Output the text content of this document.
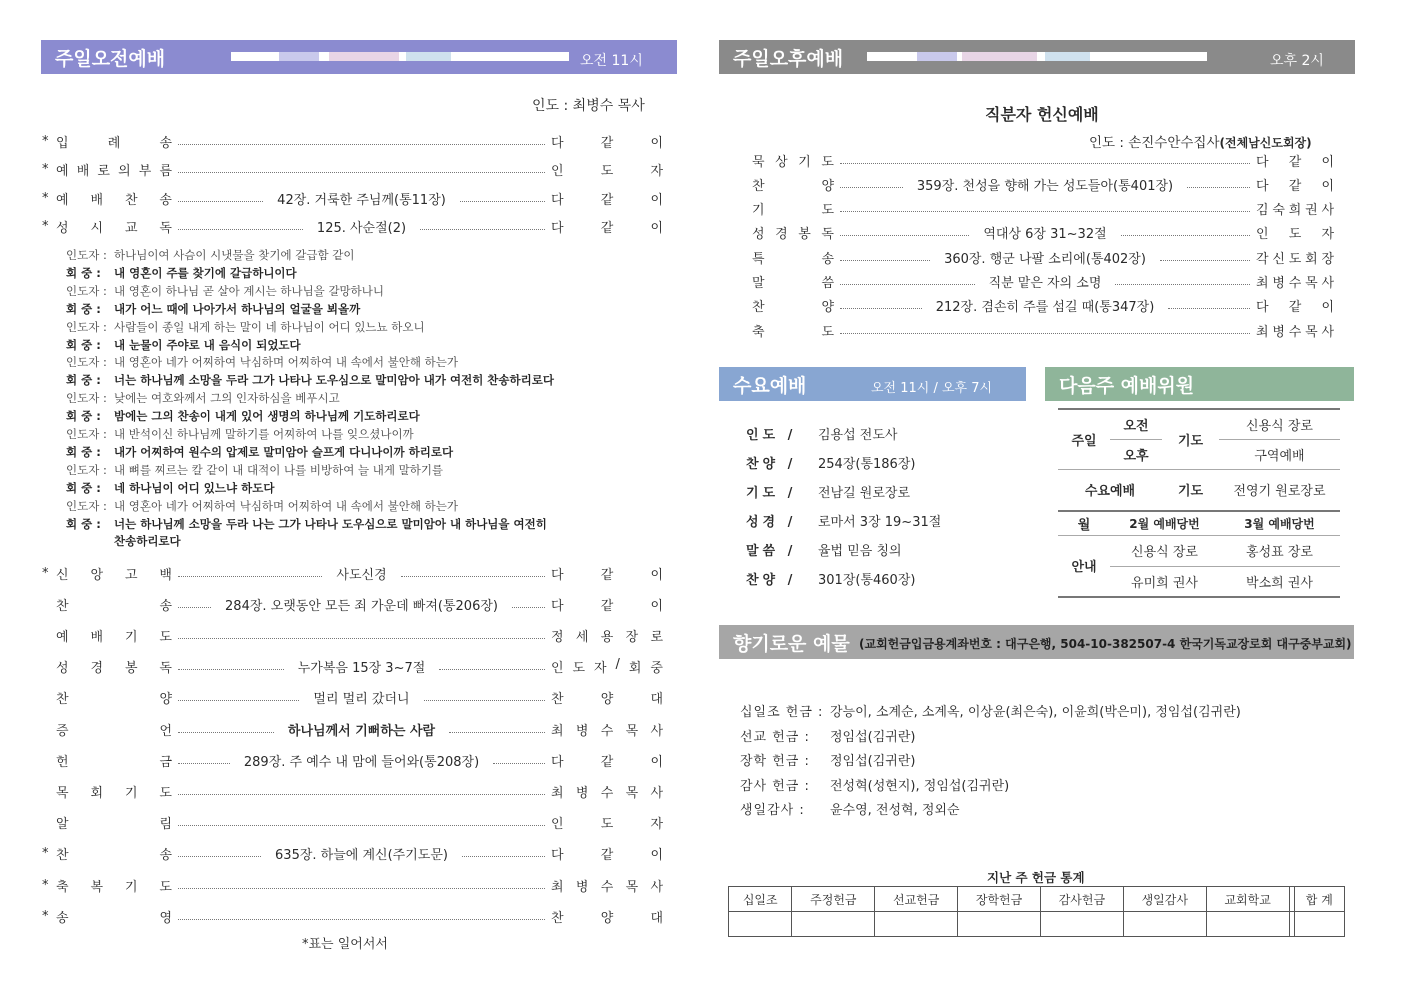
주일오전예배	오전 11시
인도 : 최병수 목사
* 입	례	송	다	같	이
* 예 배 로 의 부 름	인	도	자
* 예 배 찬 송	42장. 거룩한 주님께(통11장)	다	같	이
* 성 시 교 독	125. 사순절(2)	다	같	이
인도자 : 하나님이여 사슴이 시냇물을 찾기에 갈급함 같이
회 중 : 내 영혼이 주를 찾기에 갈급하니이다
인도자 : 내 영혼이 하나님 곧 살아 계시는 하나님을 갈망하나니
회 중 : 내가 어느 때에 나아가서 하나님의 얼굴을 뵈올까
인도자 : 사람들이 종일 내게 하는 말이 네 하나님이 어디 있느뇨 하오니
회 중 : 내 눈물이 주야로 내 음식이 되었도다
인도자 : 내 영혼아 네가 어찌하여 낙심하며 어찌하여 내 속에서 불안해 하는가
회 중 : 너는 하나님께 소망을 두라 그가 나타나 도우심으로 말미암아 내가 여전히 찬송하리로다
인도자 : 낮에는 여호와께서 그의 인자하심을 베푸시고
회 중 : 밤에는 그의 찬송이 내게 있어 생명의 하나님께 기도하리로다
인도자 : 내 반석이신 하나님께 말하기를 어찌하여 나를 잊으셨나이까
회 중 : 내가 어찌하여 원수의 압제로 말미암아 슬프게 다니나이까 하리로다
인도자 : 내 뼈를 찌르는 칼 같이 내 대적이 나를 비방하여 늘 내게 말하기를
회 중 : 네 하나님이 어디 있느냐 하도다
인도자 : 내 영혼아 네가 어찌하여 낙심하며 어찌하여 내 속에서 불안해 하는가
회 중 : 너는 하나님께 소망을 두라 나는 그가 나타나 도우심으로 말미암아 내 하나님을 여전히
찬송하리로다
* 신 앙 고 백	사도신경	다	같	이
찬	송	284장. 오랫동안 모든 죄 가운데 빠져(통206장)	다	같	이
예 배 기 도	정 세 용 장 로
성 경 봉 독	누가복음 15장 3~7절	인 도 자 / 회 중
찬	양	멀리 멀리 갔더니	찬	양	대
증	언	하나님께서 기뻐하는 사람	최 병 수 목 사
헌	금	289장. 주 예수 내 맘에 들어와(통208장)	다	같	이
목 회 기 도	최 병 수 목 사
알	림	인	도	자
* 찬	송	635장. 하늘에 계신(주기도문)	다	같	이
* 축 복 기 도	최 병 수 목 사
* 송	영	찬	양	대
*표는 일어서서
주일오후예배	오후 2시
직분자 헌신예배
인도 : 손진수안수집사(전체남신도회장)
묵 상 기 도	다 같 이
찬	양	359장. 천성을 향해 가는 성도들아(통401장)	다 같 이
기	도	김 숙 희 권 사
성 경 봉 독	역대상 6장 31~32절	인 도 자
특	송	360장. 행군 나팔 소리에(통402장)	각 신 도 회 장
말	씀	직분 맡은 자의 소명	최 병 수 목 사
찬	양	212장. 겸손히 주를 섬길 때(통347장)	다 같 이
축	도	최 병 수 목 사
수요예배	오전 11시 / 오후 7시
인도 / 김용섭 전도사
찬양 / 254장(통186장)
기도 / 전남길 원로장로
성경 / 로마서 3장 19~31절
말씀 / 율법 믿음 칭의
찬양 / 301장(통460장)
다음주 예배위원
주일	오전	기도	신용식 장로
	오후		구역예배
수요예배		기도	전영기 원로장로
월	2월 예배당번		3월 예배당번
안내	신용식 장로		홍성표 장로
	유미희 권사		박소희 권사
향기로운 예물 (교회헌금입금용계좌번호 : 대구은행, 504-10-382507-4 한국기독교장로회 대구중부교회)
십일조 헌금 : 강능이, 소계순, 소계옥, 이상윤(최은숙), 이윤희(박은미), 정임섭(김귀란)
선교 헌금 : 정임섭(김귀란)
장학 헌금 : 정임섭(김귀란)
감사 헌금 : 전성혁(성현지), 정임섭(김귀란)
생일감사 : 윤수영, 전성혁, 정외순
지난 주 헌금 통계
십일조	주정헌금	선교헌금	장학헌금	감사헌금	생일감사	교회학교		합 계
